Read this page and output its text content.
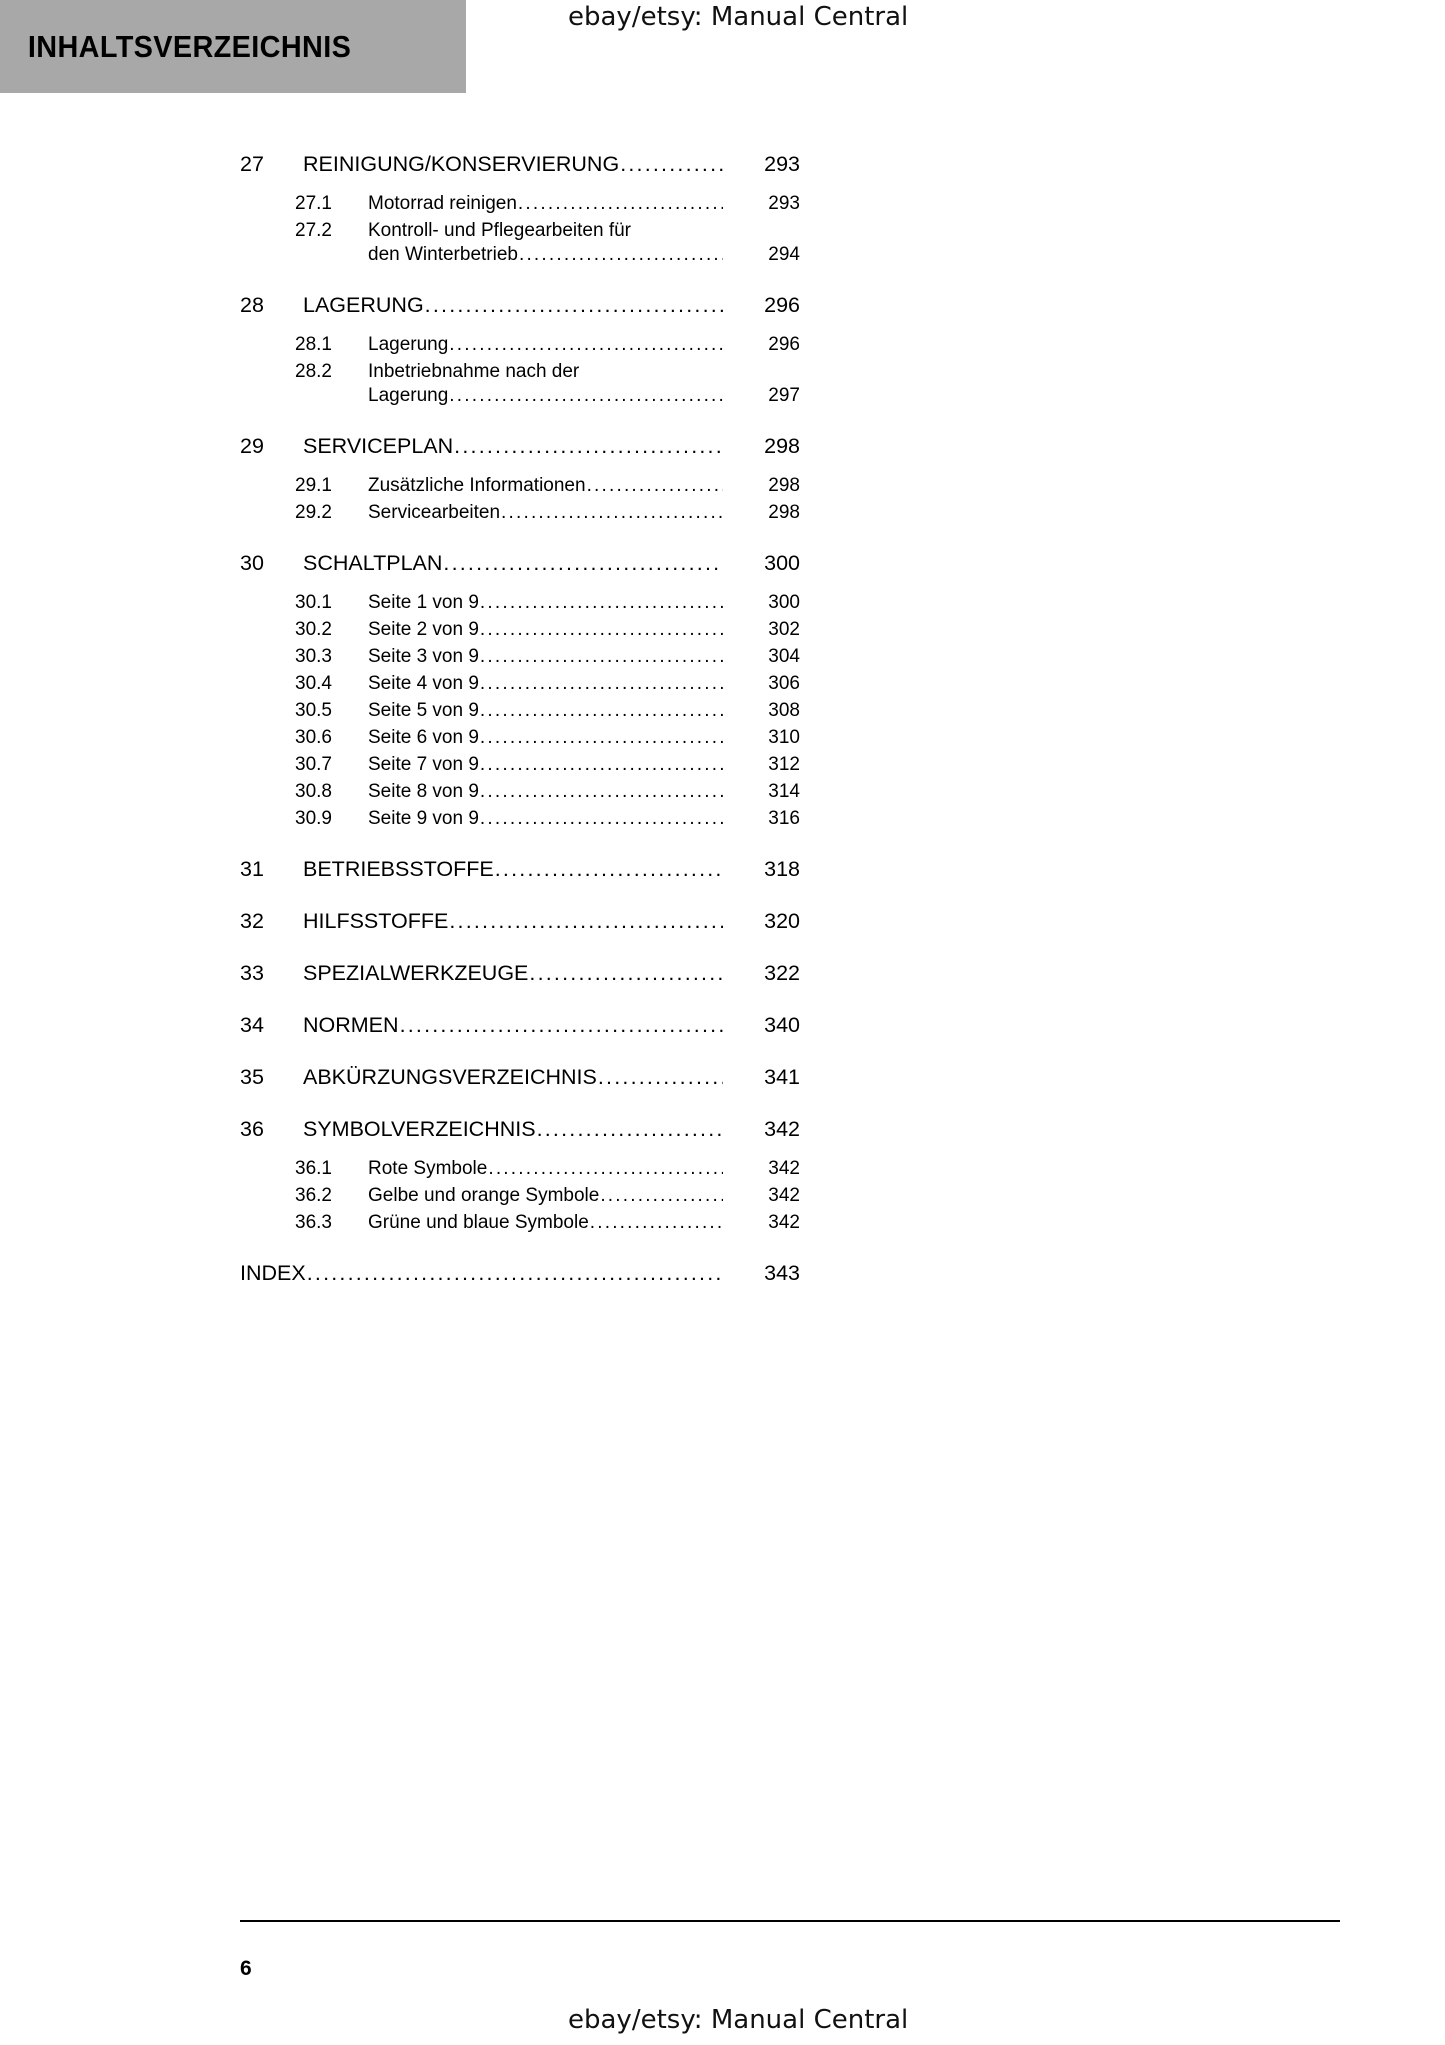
INHALTSVERZEICHNIS
ebay/etsy: Manual Central
27	REINIGUNG/KONSERVIERUNG .....	293
27.1	Motorrad reinigen .....	293
27.2	Kontroll- und Pflegearbeiten für
den Winterbetrieb .....	294
28	LAGERUNG .....	296
28.1	Lagerung .....	296
28.2	Inbetriebnahme nach der
Lagerung .....	297
29	SERVICEPLAN .....	298
29.1	Zusätzliche Informationen .....	298
29.2	Servicearbeiten .....	298
30	SCHALTPLAN .....	300
30.1	Seite 1 von 9 .....	300
30.2	Seite 2 von 9 .....	302
30.3	Seite 3 von 9 .....	304
30.4	Seite 4 von 9 .....	306
30.5	Seite 5 von 9 .....	308
30.6	Seite 6 von 9 .....	310
30.7	Seite 7 von 9 .....	312
30.8	Seite 8 von 9 .....	314
30.9	Seite 9 von 9 .....	316
31	BETRIEBSSTOFFE .....	318
32	HILFSSTOFFE .....	320
33	SPEZIALWERKZEUGE .....	322
34	NORMEN .....	340
35	ABKÜRZUNGSVERZEICHNIS .....	341
36	SYMBOLVERZEICHNIS .....	342
36.1	Rote Symbole .....	342
36.2	Gelbe und orange Symbole .....	342
36.3	Grüne und blaue Symbole .....	342
INDEX .....	343
6
ebay/etsy: Manual Central
